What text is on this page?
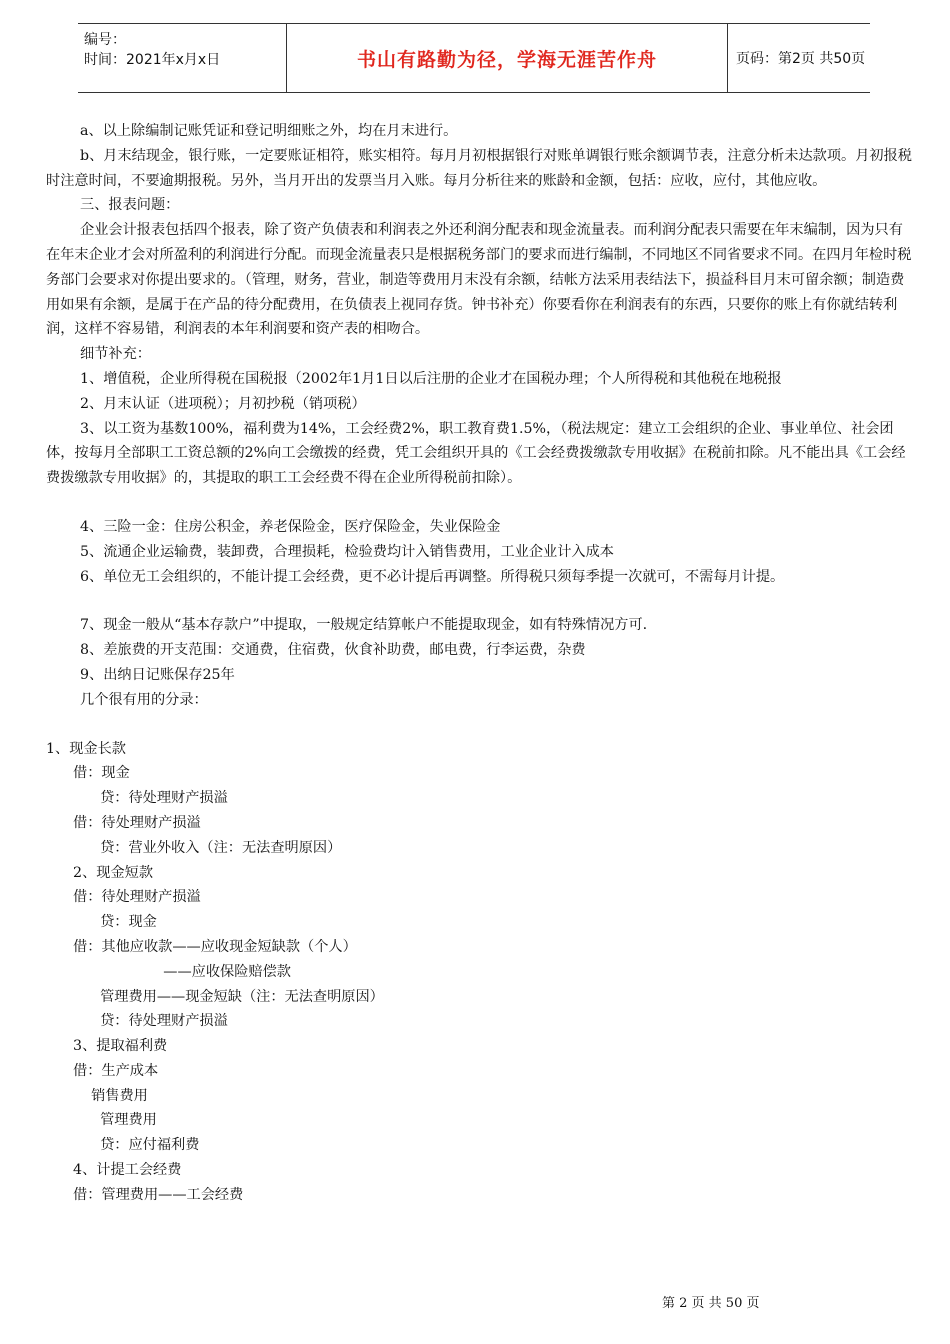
编号：
时间：2021年x月x日	书山有路勤为径，学海无涯苦作舟	页码：第2页 共50页

a、以上除编制记账凭证和登记明细账之外，均在月末进行。

b、月末结现金，银行账，一定要账证相符，账实相符。每月月初根据银行对账单调银行账余额调节表，注意分析未达款项。月初报税时注意时间，不要逾期报税。另外，当月开出的发票当月入账。每月分析往来的账龄和金额，包括：应收，应付，其他应收。

三、报表问题：

企业会计报表包括四个报表，除了资产负债表和利润表之外还利润分配表和现金流量表。而利润分配表只需要在年末编制，因为只有在年末企业才会对所盈利的利润进行分配。而现金流量表只是根据税务部门的要求而进行编制，不同地区不同省要求不同。在四月年检时税务部门会要求对你提出要求的。（管理，财务，营业，制造等费用月末没有余额，结帐方法采用表结法下，损益科目月末可留余额；制造费用如果有余额，是属于在产品的待分配费用，在负债表上视同存货。钟书补充）你要看你在利润表有的东西，只要你的账上有你就结转利润，这样不容易错，利润表的本年利润要和资产表的相吻合。

细节补充：

1、增值税，企业所得税在国税报（2002年1月1日以后注册的企业才在国税办理；个人所得税和其他税在地税报

2、月末认证（进项税）；月初抄税（销项税）

3、以工资为基数100%，福利费为14%，工会经费2%，职工教育费1.5%，（税法规定：建立工会组织的企业、事业单位、社会团体，按每月全部职工工资总额的2%向工会缴拨的经费，凭工会组织开具的《工会经费拨缴款专用收据》在税前扣除。凡不能出具《工会经费拨缴款专用收据》的，其提取的职工工会经费不得在企业所得税前扣除）。

4、三险一金：住房公积金，养老保险金，医疗保险金，失业保险金

5、流通企业运输费，装卸费，合理损耗，检验费均计入销售费用，工业企业计入成本

6、单位无工会组织的，不能计提工会经费，更不必计提后再调整。所得税只须每季提一次就可，不需每月计提。

7、现金一般从“基本存款户”中提取，一般规定结算帐户不能提取现金，如有特殊情况方可.

8、差旅费的开支范围：交通费，住宿费，伙食补助费，邮电费，行李运费，杂费

9、出纳日记账保存25年

几个很有用的分录：

1、现金长款

借：现金

贷：待处理财产损溢

借：待处理财产损溢

贷：营业外收入（注：无法查明原因）

2、现金短款

借：待处理财产损溢

贷：现金

借：其他应收款——应收现金短缺款（个人）

——应收保险赔偿款

管理费用——现金短缺（注：无法查明原因）

贷：待处理财产损溢

3、提取福利费

借：生产成本

销售费用

管理费用

贷：应付福利费

4、计提工会经费

借：管理费用——工会经费

第 2 页 共 50 页
